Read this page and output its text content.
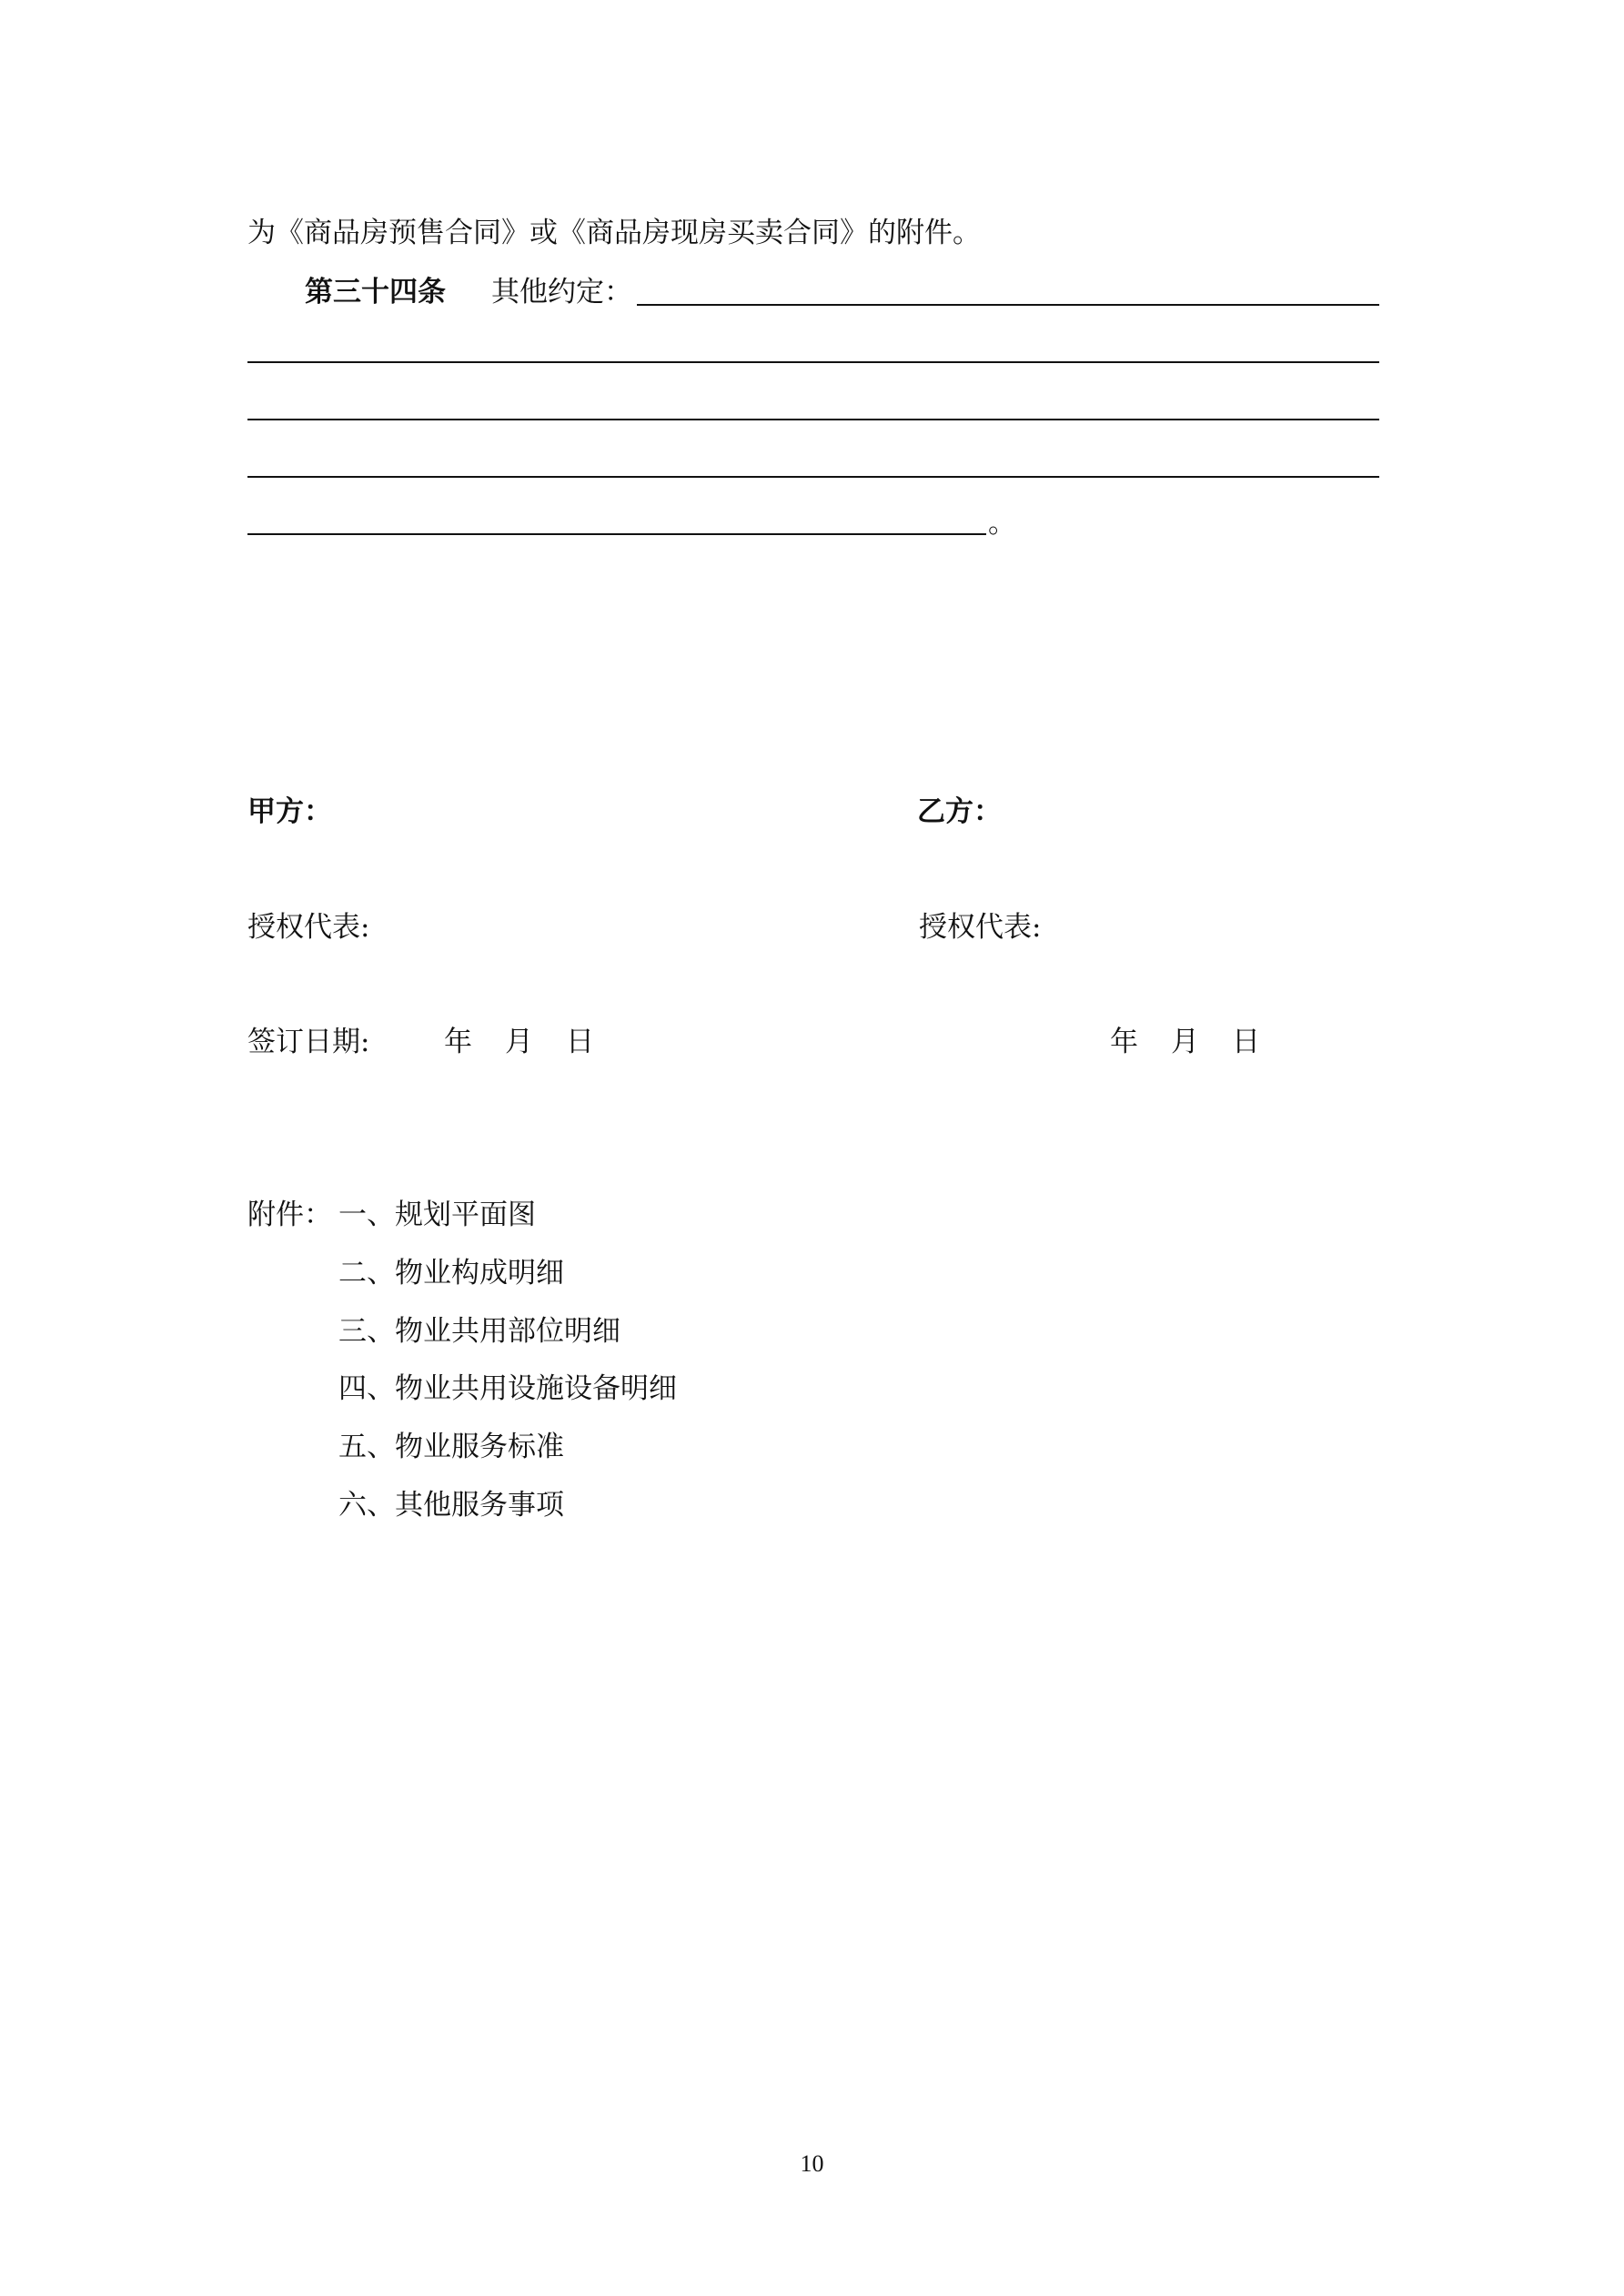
为《商品房预售合同》或《商品房现房买卖合同》的附件。
第三十四条 其他约定：
。
甲方：	乙方：
授权代表:	授权代表:
签订日期:	年 月 日	年 月 日
附件： 一、规划平面图
二、物业构成明细
三、物业共用部位明细
四、物业共用设施设备明细
五、物业服务标准
六、其他服务事项
10
